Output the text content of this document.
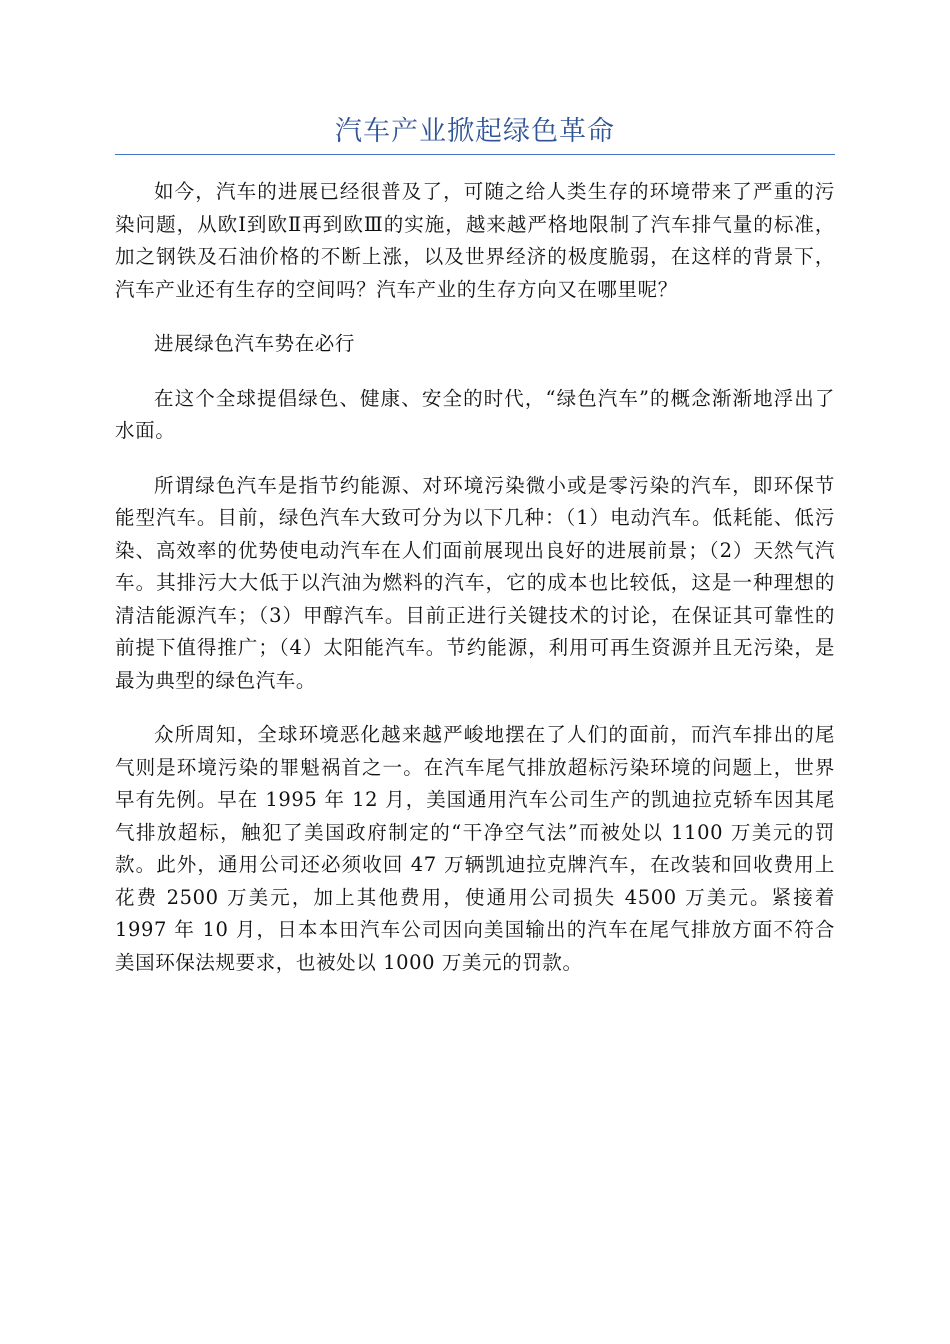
汽车产业掀起绿色革命

如今，汽车的进展已经很普及了，可随之给人类生存的环境带来了严重的污染问题，从欧Ⅰ到欧Ⅱ再到欧Ⅲ的实施，越来越严格地限制了汽车排气量的标准，加之钢铁及石油价格的不断上涨，以及世界经济的极度脆弱，在这样的背景下，汽车产业还有生存的空间吗？汽车产业的生存方向又在哪里呢？

进展绿色汽车势在必行

在这个全球提倡绿色、健康、安全的时代，“绿色汽车”的概念渐渐地浮出了水面。

所谓绿色汽车是指节约能源、对环境污染微小或是零污染的汽车，即环保节能型汽车。目前，绿色汽车大致可分为以下几种：（1）电动汽车。低耗能、低污染、高效率的优势使电动汽车在人们面前展现出良好的进展前景；（2）天然气汽车。其排污大大低于以汽油为燃料的汽车，它的成本也比较低，这是一种理想的清洁能源汽车；（3）甲醇汽车。目前正进行关键技术的讨论，在保证其可靠性的前提下值得推广；（4）太阳能汽车。节约能源，利用可再生资源并且无污染，是最为典型的绿色汽车。

众所周知，全球环境恶化越来越严峻地摆在了人们的面前，而汽车排出的尾气则是环境污染的罪魁祸首之一。在汽车尾气排放超标污染环境的问题上，世界早有先例。早在 1995 年 12 月，美国通用汽车公司生产的凯迪拉克轿车因其尾气排放超标，触犯了美国政府制定的“干净空气法”而被处以 1100 万美元的罚款。此外，通用公司还必须收回 47 万辆凯迪拉克牌汽车，在改装和回收费用上花费 2500 万美元，加上其他费用，使通用公司损失 4500 万美元。紧接着 1997 年 10 月，日本本田汽车公司因向美国输出的汽车在尾气排放方面不符合美国环保法规要求，也被处以 1000 万美元的罚款。
